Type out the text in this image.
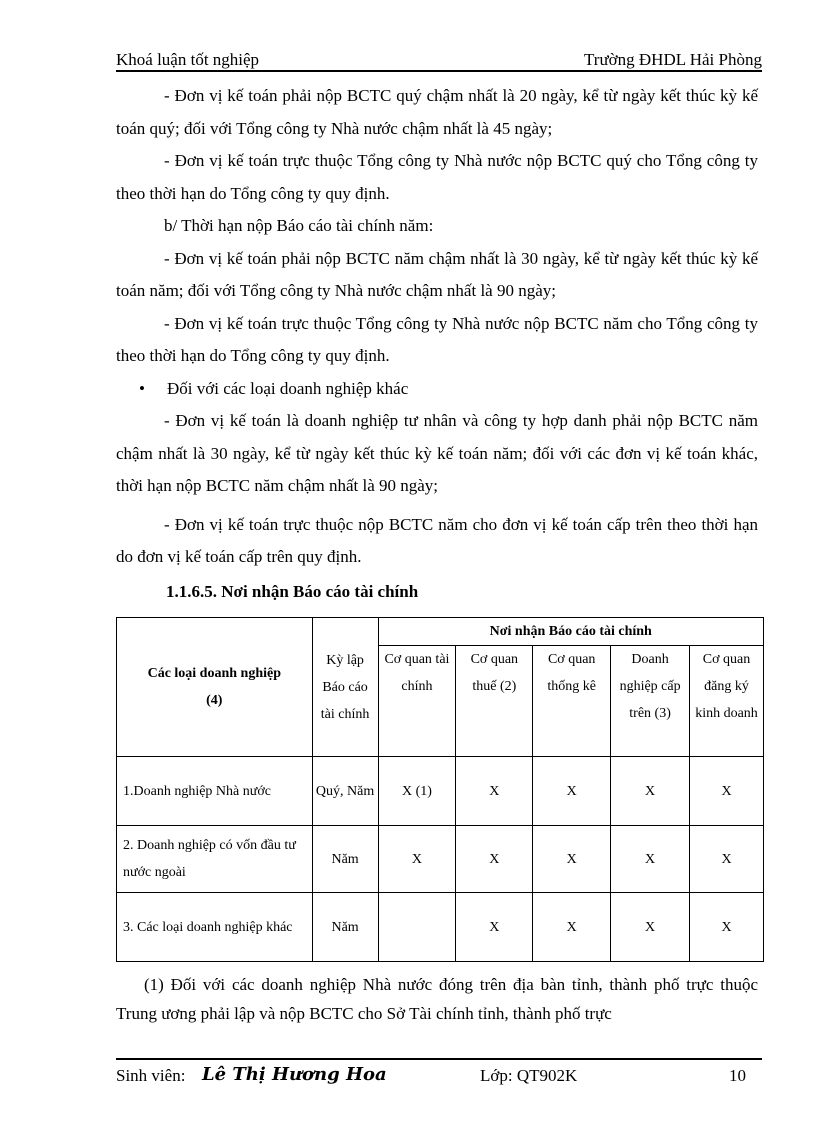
Khoá luận tốt nghiệp	Trường ĐHDL Hải Phòng

- Đơn vị kế toán phải nộp BCTC quý chậm nhất là 20 ngày, kể từ ngày kết thúc kỳ kế toán quý; đối với Tổng công ty Nhà nước chậm nhất là 45 ngày;

- Đơn vị kế toán trực thuộc Tổng công ty Nhà nước nộp BCTC quý cho Tổng công ty theo thời hạn do Tổng công ty quy định.

b/ Thời hạn nộp Báo cáo tài chính năm:

- Đơn vị kế toán phải nộp BCTC năm chậm nhất là 30 ngày, kể từ ngày kết thúc kỳ kế toán năm; đối với Tổng công ty Nhà nước chậm nhất là 90 ngày;

- Đơn vị kế toán trực thuộc Tổng công ty Nhà nước nộp BCTC năm cho Tổng công ty theo thời hạn do Tổng công ty quy định.

• Đối với các loại doanh nghiệp khác

- Đơn vị kế toán là doanh nghiệp tư nhân và công ty hợp danh phải nộp BCTC năm chậm nhất là 30 ngày, kể từ ngày kết thúc kỳ kế toán năm; đối với các đơn vị kế toán khác, thời hạn nộp BCTC năm chậm nhất là 90 ngày;

- Đơn vị kế toán trực thuộc nộp BCTC năm cho đơn vị kế toán cấp trên theo thời hạn do đơn vị kế toán cấp trên quy định.

1.1.6.5. Nơi nhận Báo cáo tài chính
Các loại doanh nghiệp
(4)	Kỳ lập Báo cáo tài chính	Nơi nhận Báo cáo tài chính				
		Cơ quan tài chính	Cơ quan thuế (2)	Cơ quan thống kê	Doanh nghiệp cấp trên (3)	Cơ quan đăng ký kinh doanh
1.Doanh nghiệp Nhà nước	Quý, Năm	X (1)	X	X	X	X
2. Doanh nghiệp có vốn đầu tư nước ngoài	Năm	X	X	X	X	X
3. Các loại doanh nghiệp khác	Năm		X	X	X	X

(1) Đối với các doanh nghiệp Nhà nước đóng trên địa bàn tỉnh, thành phố trực thuộc Trung ương phải lập và nộp BCTC cho Sở Tài chính tỉnh, thành phố trực

Sinh viên: Lê Thị Hương Hoa	Lớp: QT902K	10
